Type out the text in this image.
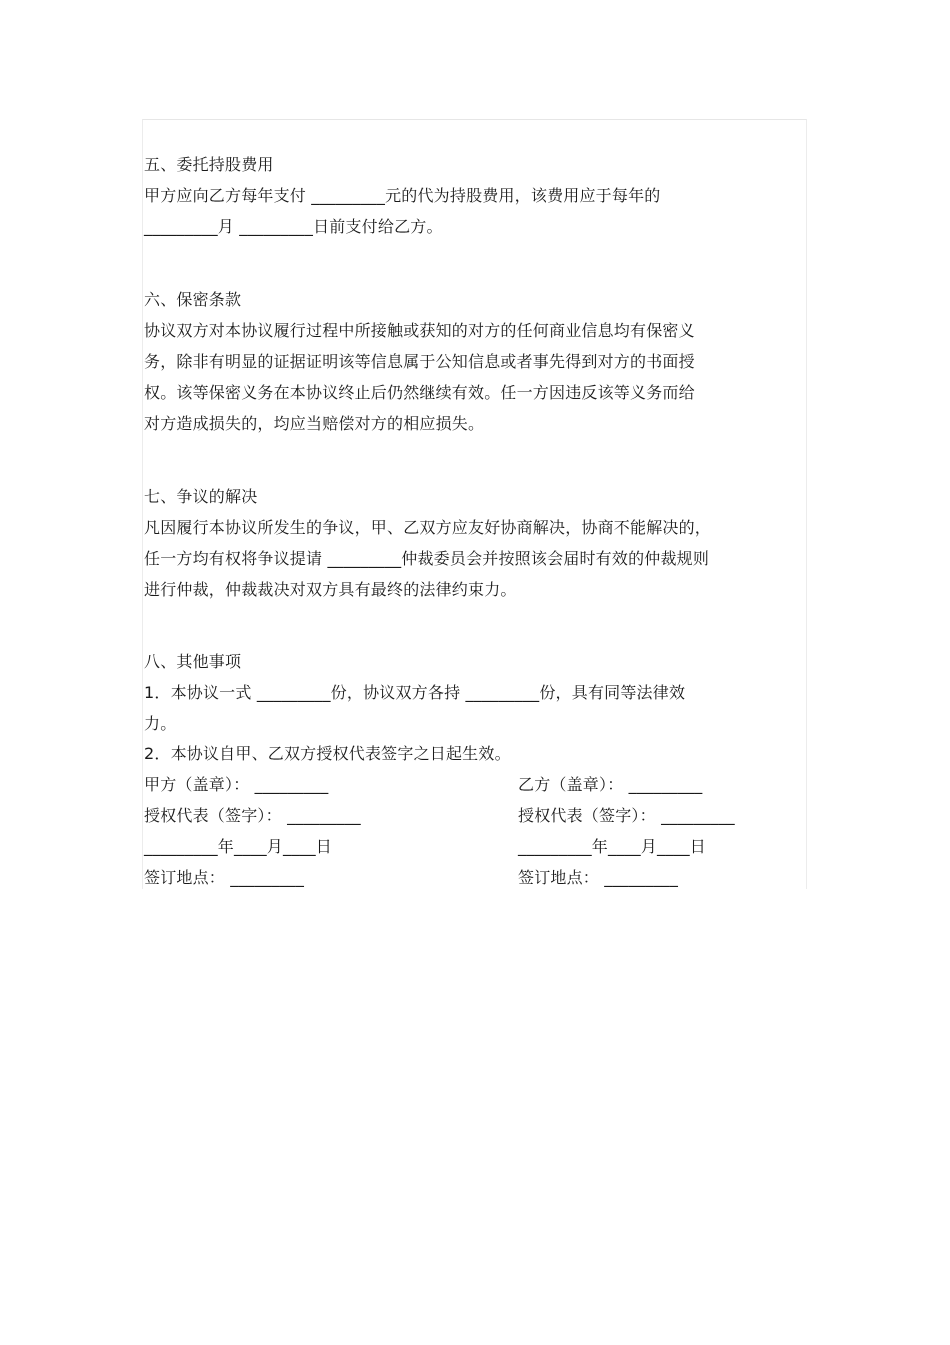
五、委托持股费用
甲方应向乙方每年支付 _________元的代为持股费用，该费用应于每年的
_________月 _________日前支付给乙方。
六、保密条款
协议双方对本协议履行过程中所接触或获知的对方的任何商业信息均有保密义
务，除非有明显的证据证明该等信息属于公知信息或者事先得到对方的书面授
权。该等保密义务在本协议终止后仍然继续有效。任一方因违反该等义务而给
对方造成损失的，均应当赔偿对方的相应损失。
七、争议的解决
凡因履行本协议所发生的争议，甲、乙双方应友好协商解决，协商不能解决的，
任一方均有权将争议提请 _________仲裁委员会并按照该会届时有效的仲裁规则
进行仲裁，仲裁裁决对双方具有最终的法律约束力。
八、其他事项
1．本协议一式 _________份，协议双方各持 _________份，具有同等法律效
力。
2．本协议自甲、乙双方授权代表签字之日起生效。
甲方（盖章）： _________
授权代表（签字）： _________
_________年____月____日
签订地点： _________
乙方（盖章）： _________
授权代表（签字）： _________
_________年____月____日
签订地点： _________
